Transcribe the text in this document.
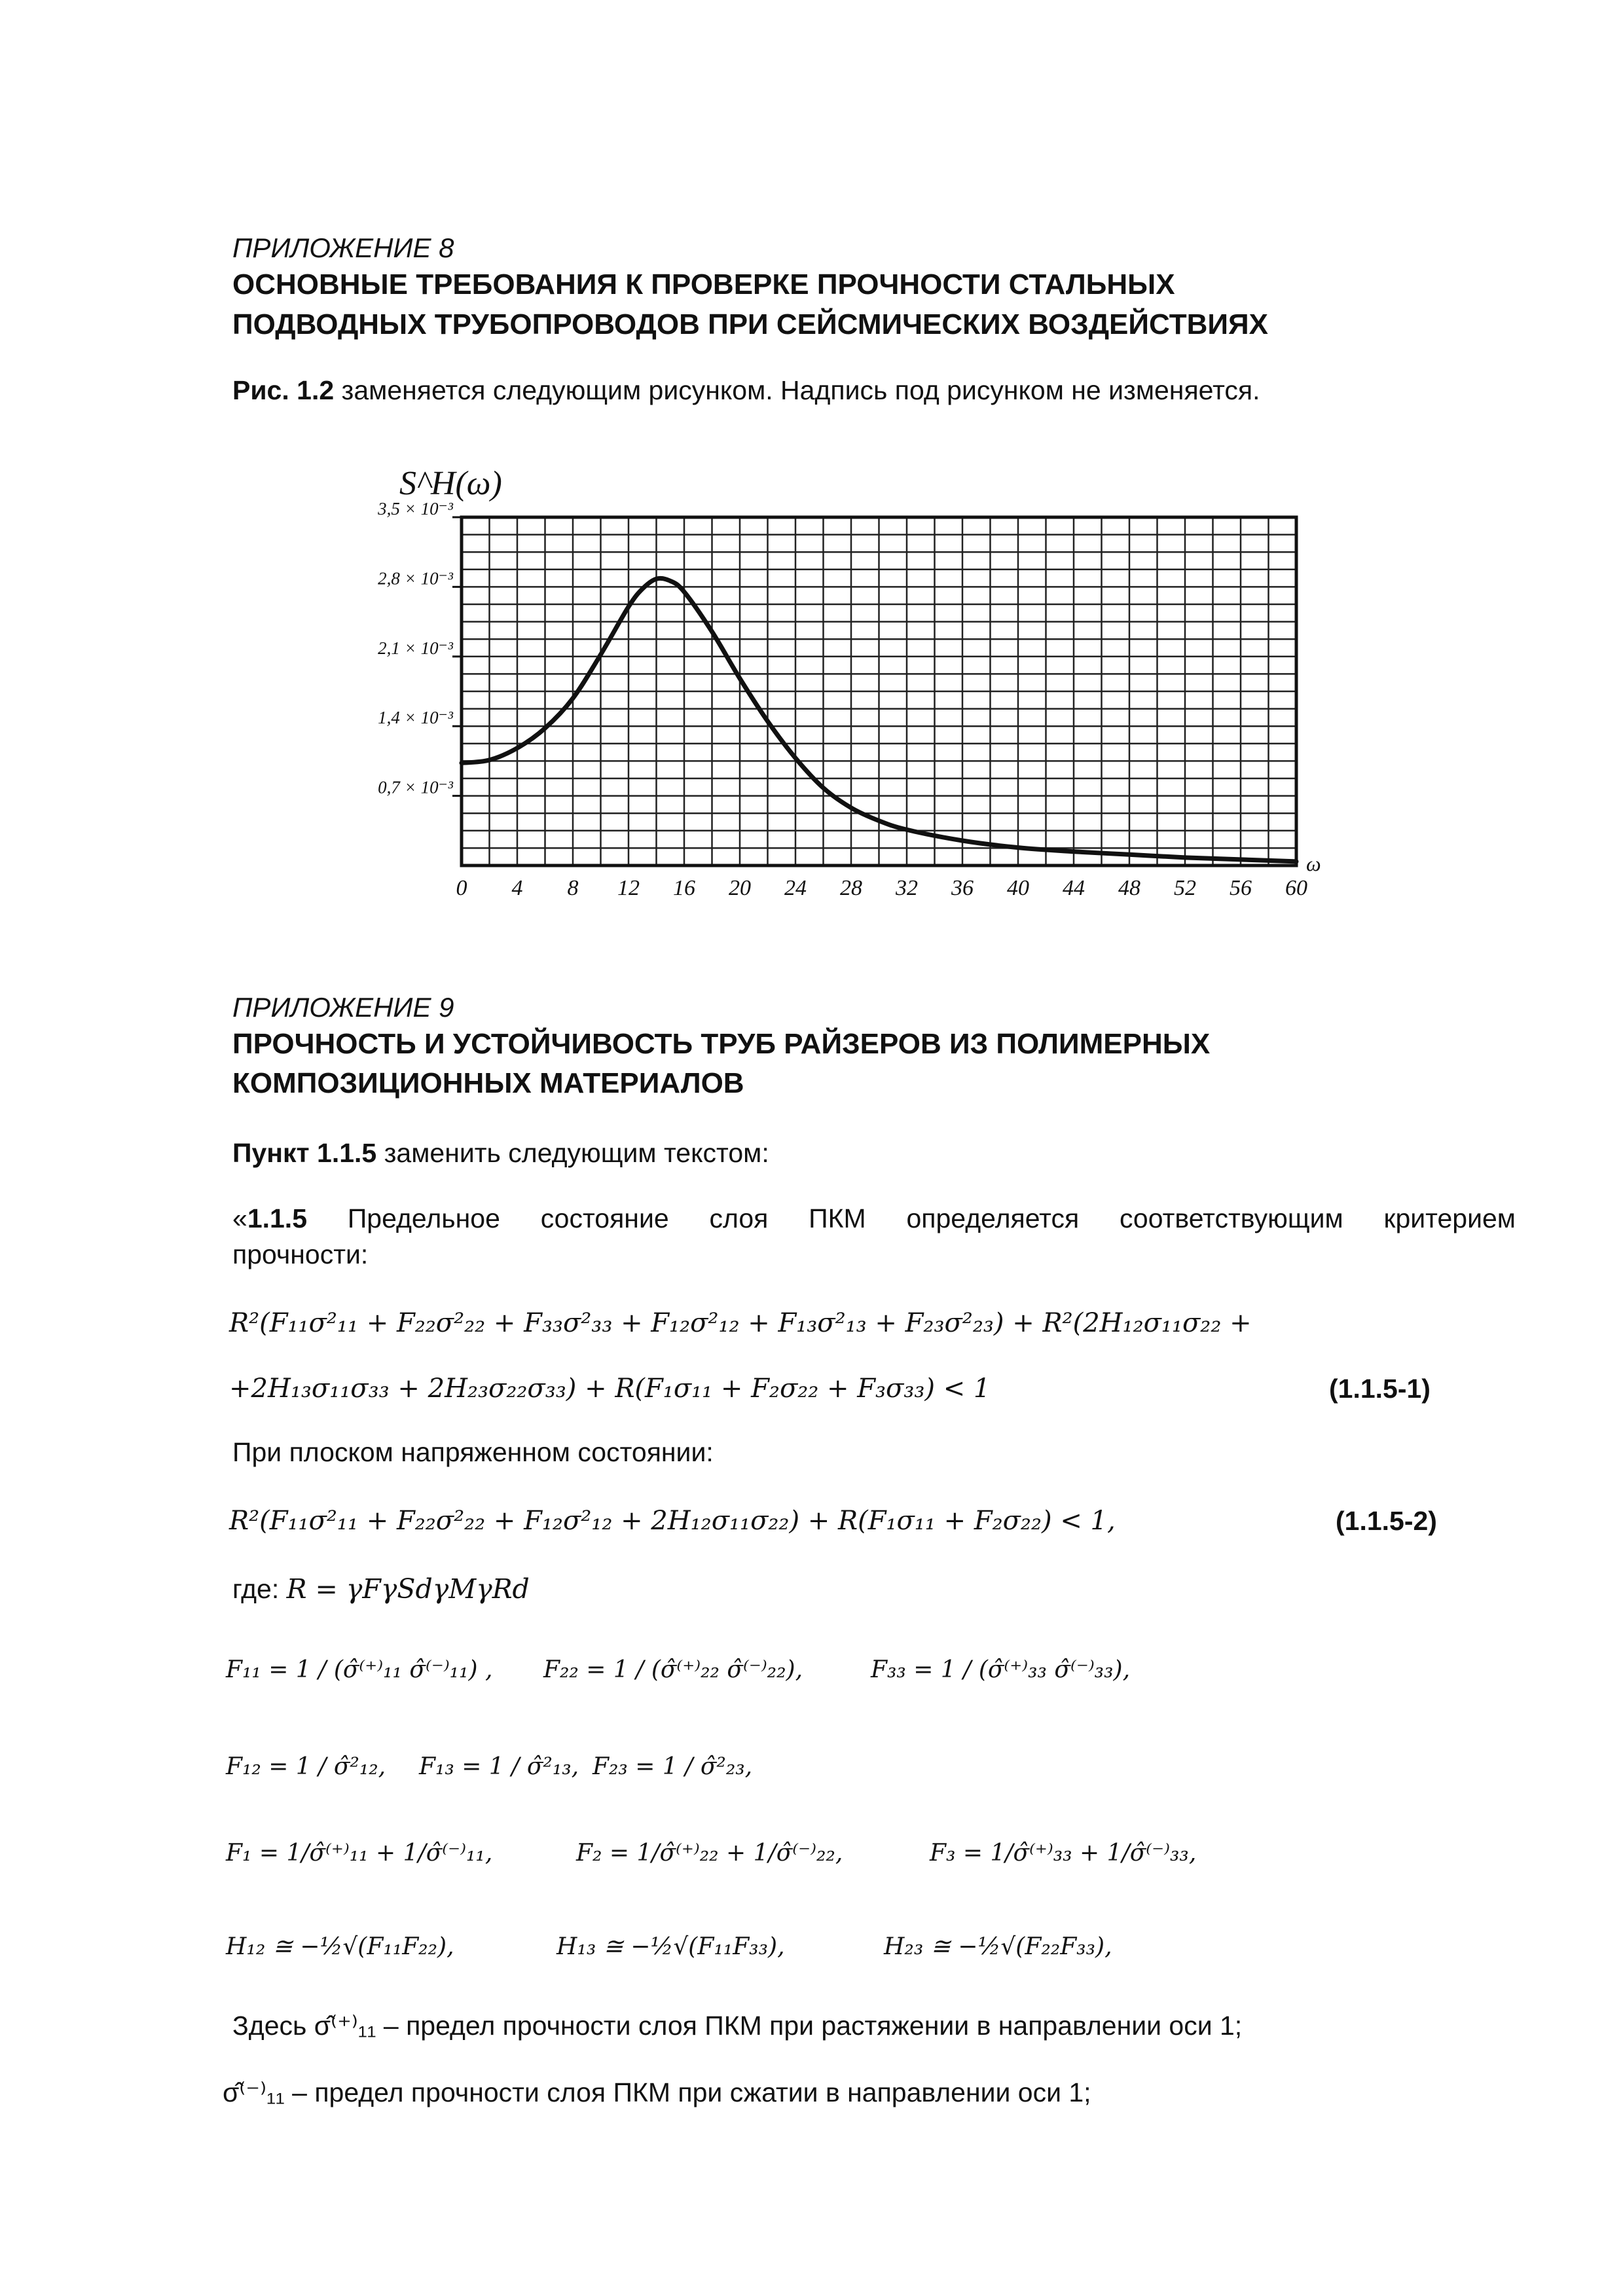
ПРИЛОЖЕНИЕ 8
ОСНОВНЫЕ ТРЕБОВАНИЯ К ПРОВЕРКЕ ПРОЧНОСТИ СТАЛЬНЫХ
ПОДВОДНЫХ ТРУБОПРОВОДОВ ПРИ СЕЙСМИЧЕСКИХ ВОЗДЕЙСТВИЯХ
Рис. 1.2 заменяется следующим рисунком. Надпись под рисунком не изменяется.
0,7 × 10⁻³
1,4 × 10⁻³
2,1 × 10⁻³
2,8 × 10⁻³
3,5 × 10⁻³
0 4 8 12 16 20 24 28 32 36 40 44 48 52 56 60
S^H(ω)
ω
ПРИЛОЖЕНИЕ 9
ПРОЧНОСТЬ И УСТОЙЧИВОСТЬ ТРУБ РАЙЗЕРОВ ИЗ ПОЛИМЕРНЫХ
КОМПОЗИЦИОННЫХ МАТЕРИАЛОВ
Пункт 1.1.5 заменить следующим текстом:
«1.1.5 Предельное состояние слоя ПКМ определяется соответствующим критерием
прочности:
R²(F₁₁σ²₁₁ + F₂₂σ²₂₂ + F₃₃σ²₃₃ + F₁₂σ²₁₂ + F₁₃σ²₁₃ + F₂₃σ²₂₃) + R²(2H₁₂σ₁₁σ₂₂ +
+2H₁₃σ₁₁σ₃₃ + 2H₂₃σ₂₂σ₃₃) + R(F₁σ₁₁ + F₂σ₂₂ + F₃σ₃₃) < 1	(1.1.5-1)
При плоском напряженном состоянии:
R²(F₁₁σ²₁₁ + F₂₂σ²₂₂ + F₁₂σ²₁₂ + 2H₁₂σ₁₁σ₂₂) + R(F₁σ₁₁ + F₂σ₂₂) < 1,	(1.1.5-2)
где: R = γFγSdγMγRd
F₁₁ = 1 / (σ̂⁽⁺⁾₁₁ σ̂⁽⁻⁾₁₁) , F₂₂ = 1 / (σ̂⁽⁺⁾₂₂ σ̂⁽⁻⁾₂₂),	F₃₃ = 1 / (σ̂⁽⁺⁾₃₃ σ̂⁽⁻⁾₃₃),
F₁₂ = 1 / σ̂²₁₂, F₁₃ = 1 / σ̂²₁₃, F₂₃ = 1 / σ̂²₂₃,
F₁ = 1/σ̂⁽⁺⁾₁₁ + 1/σ̂⁽⁻⁾₁₁,	F₂ = 1/σ̂⁽⁺⁾₂₂ + 1/σ̂⁽⁻⁾₂₂,	F₃ = 1/σ̂⁽⁺⁾₃₃ + 1/σ̂⁽⁻⁾₃₃,
H₁₂ ≅ −½√(F₁₁F₂₂),	H₁₃ ≅ −½√(F₁₁F₃₃),	H₂₃ ≅ −½√(F₂₂F₃₃),
Здесь σ̂⁽⁺⁾₁₁ – предел прочности слоя ПКМ при растяжении в направлении оси 1;
σ̂⁽⁻⁾₁₁ – предел прочности слоя ПКМ при сжатии в направлении оси 1;
